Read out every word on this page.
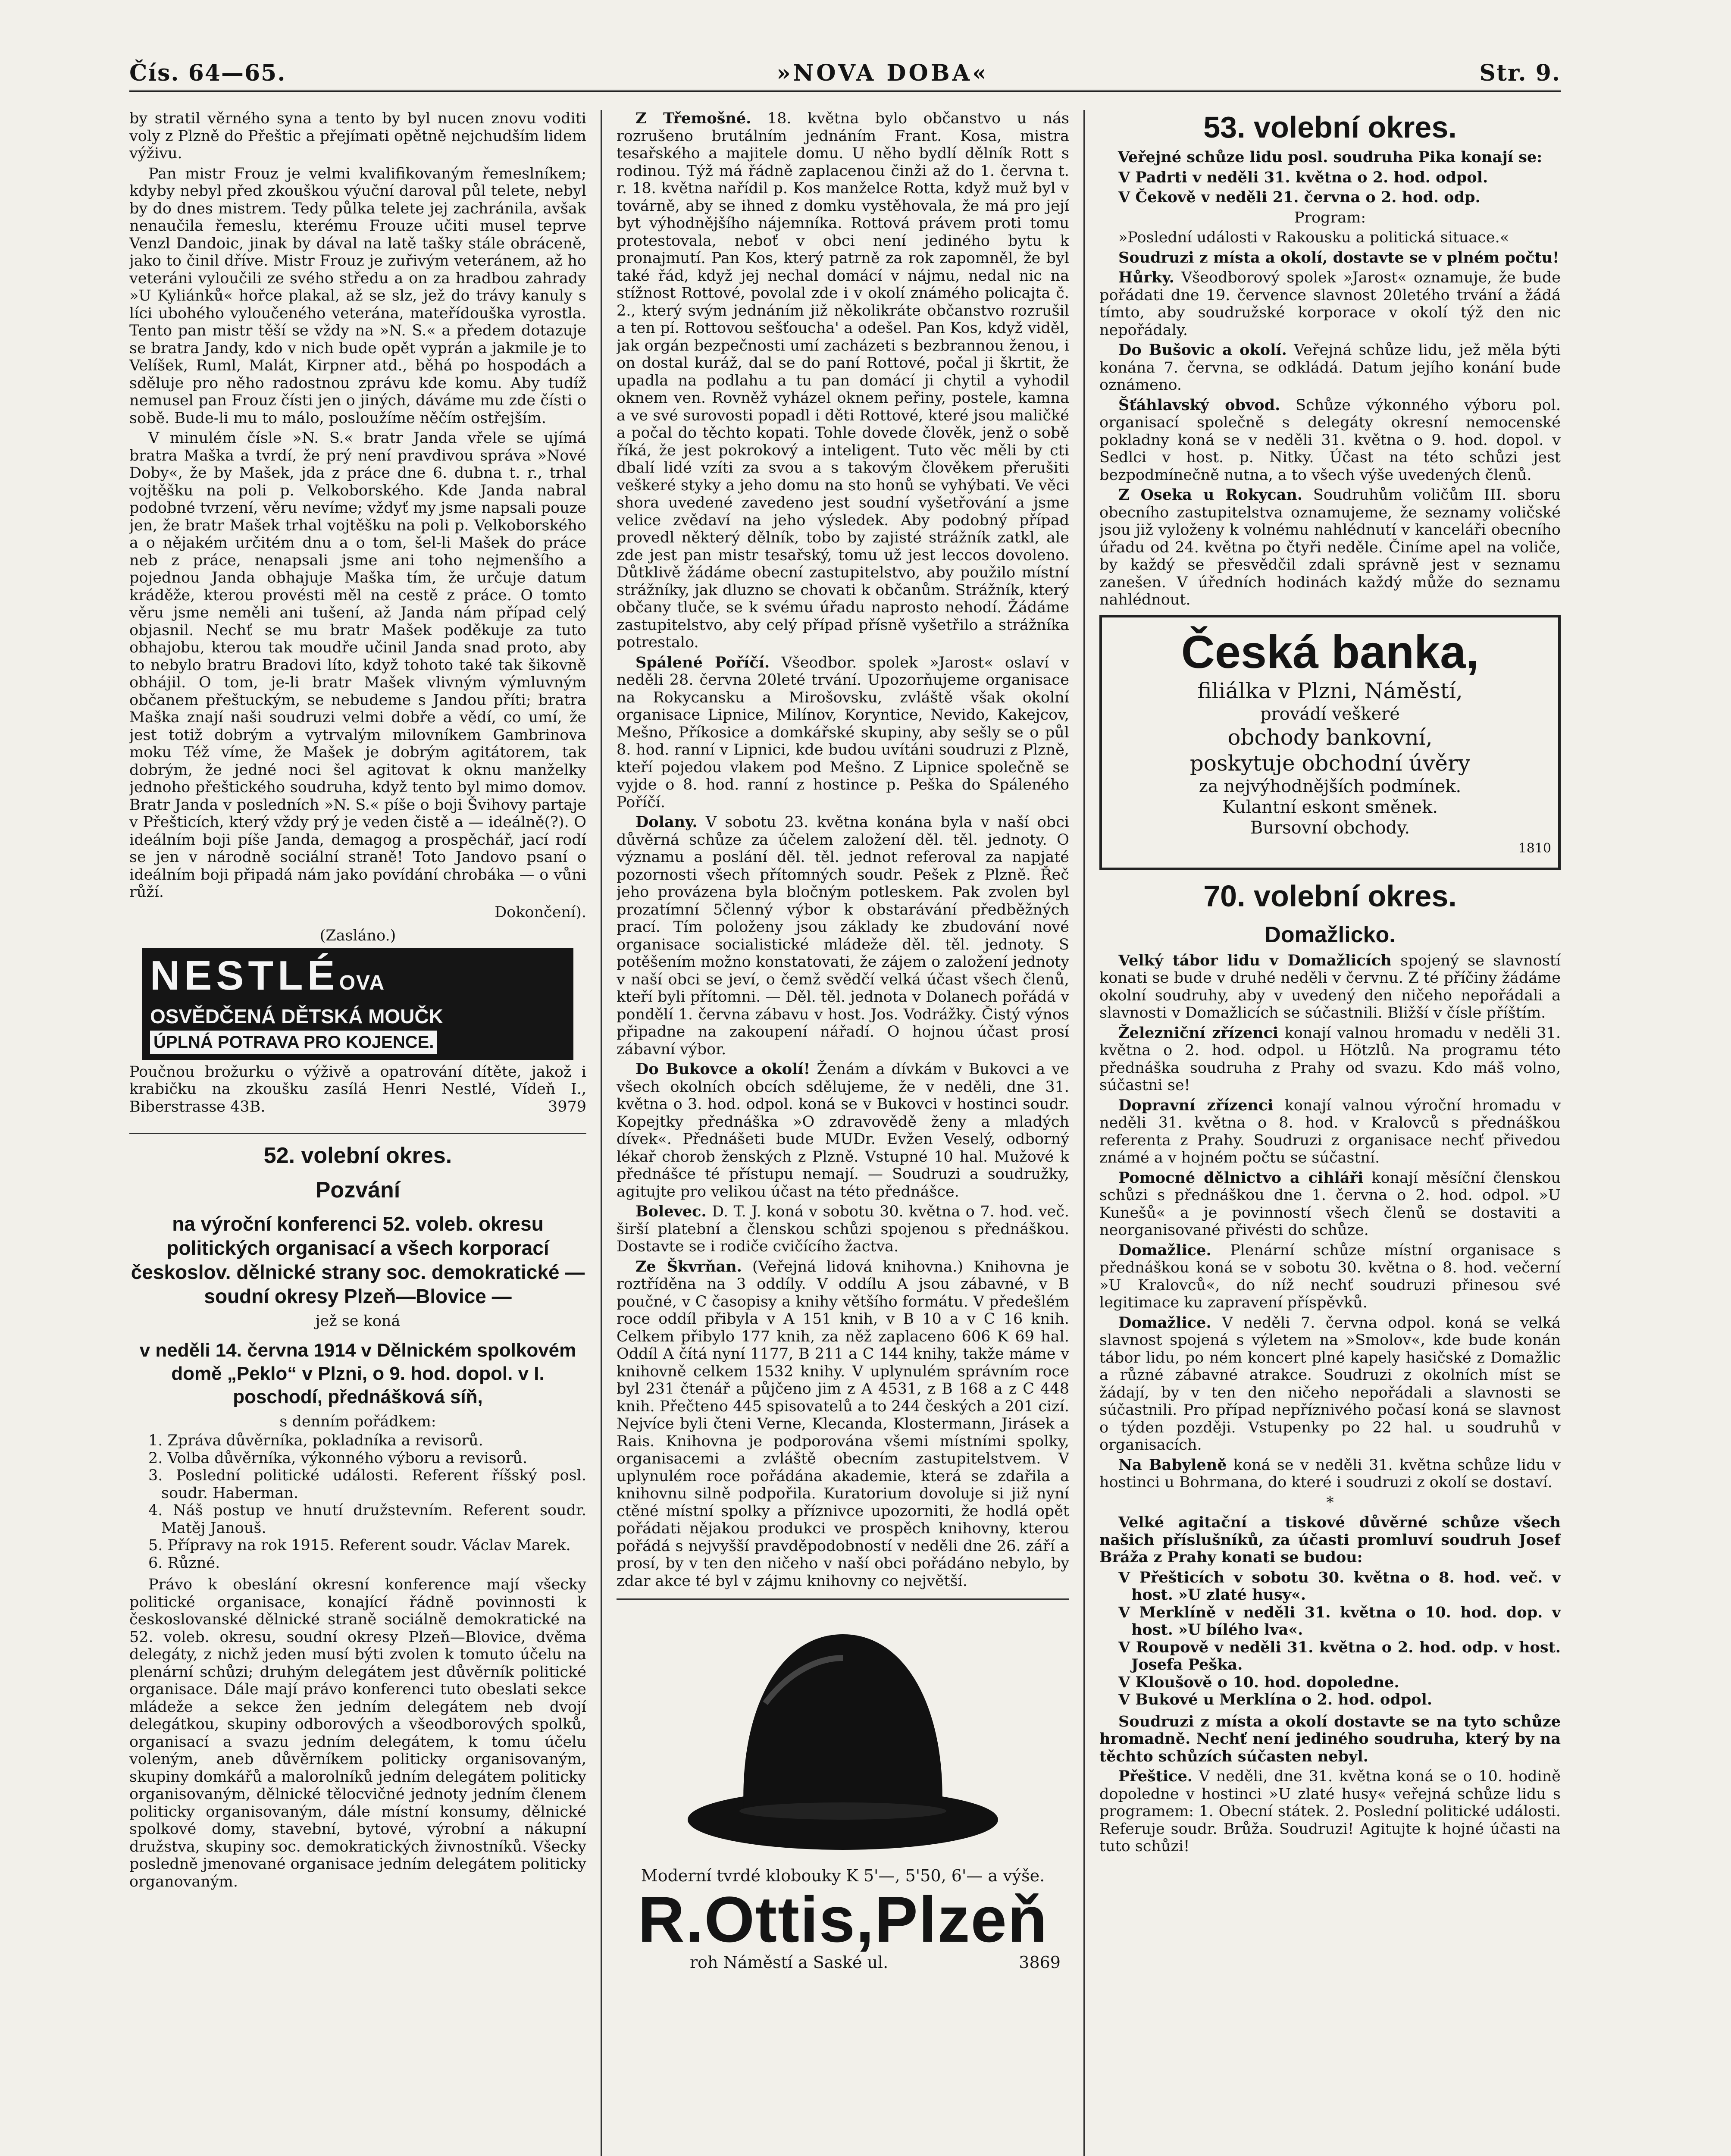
Čís. 64—65.	»NOVA DOBA«	Str. 9.

by stratil věrného syna a tento by byl nucen znovu voditi voly z Plzně do Přeštic a přejímati opětně nejchudším lidem výživu.

Pan mistr Frouz je velmi kvalifikovaným řemeslníkem; kdyby nebyl před zkouškou výuční daroval půl telete, nebyl by do dnes mistrem. Tedy půlka telete jej zachránila, avšak nenaučila řemeslu, kterému Frouze učiti musel teprve Venzl Dandoic, jinak by dával na latě tašky stále obráceně, jako to činil dříve. Mistr Frouz je zuřivým veteránem, až ho veteráni vyloučili ze svého středu a on za hradbou zahrady »U Kyliánků« hořce plakal, až se slz, jež do trávy kanuly s líci ubohého vyloučeného veterána, mateřídouška vyrostla. Tento pan mistr těší se vždy na »N. S.« a předem dotazuje se bratra Jandy, kdo v nich bude opět vyprán a jakmile je to Velíšek, Ruml, Malát, Kirpner atd., běhá po hospodách a sděluje pro něho radostnou zprávu kde komu. Aby tudíž nemusel pan Frouz čísti jen o jiných, dáváme mu zde čísti o sobě. Bude-li mu to málo, posloužíme něčím ostřejším.

V minulém čísle »N. S.« bratr Janda vřele se ujímá bratra Maška a tvrdí, že prý není pravdivou správa »Nové Doby«, že by Mašek, jda z práce dne 6. dubna t. r., trhal vojtěšku na poli p. Velkoborského. Kde Janda nabral podobné tvrzení, věru nevíme; vždyť my jsme napsali pouze jen, že bratr Mašek trhal vojtěšku na poli p. Velkoborského a o nějakém určitém dnu a o tom, šel-li Mašek do práce neb z práce, nenapsali jsme ani toho nejmenšího a pojednou Janda obhajuje Maška tím, že určuje datum kráděže, kterou provésti měl na cestě z práce. O tomto věru jsme neměli ani tušení, až Janda nám případ celý objasnil. Nechť se mu bratr Mašek poděkuje za tuto obhajobu, kterou tak moudře učinil Janda snad proto, aby to nebylo bratru Bradovi líto, když tohoto také tak šikovně obhájil. O tom, je-li bratr Mašek vlivným výmluvným občanem přeštuckým, se nebudeme s Jandou příti; bratra Maška znají naši soudruzi velmi dobře a vědí, co umí, že jest totiž dobrým a vytrvalým milovníkem Gambrinova moku Též víme, že Mašek je dobrým agitátorem, tak dobrým, že jedné noci šel agitovat k oknu manželky jednoho přeštického soudruha, když tento byl mimo domov. Bratr Janda v posledních »N. S.« píše o boji Švihovy partaje v Přešticích, který vždy prý je veden čistě a — ideálně(?). O ideálním boji píše Janda, demagog a prospěchář, jací rodí se jen v národně sociální straně! Toto Jandovo psaní o ideálním boji připadá nám jako povídání chrobáka — o vůni růží.

Dokončení).

(Zasláno.)
NESTLÉOVA
OSVĚDČENÁ DĚTSKÁ MOUČK
ÚPLNÁ POTRAVA PRO KOJENCE.

Poučnou brožurku o výživě a opatrování dítěte, jakož i krabičku na zkoušku zasílá Henri Nestlé, Vídeň I., Biberstrasse 43B.	3979

52. volební okres.
Pozvání
na výroční konferenci 52. voleb. okresu politických organisací a všech korporací českoslov. dělnické strany soc. demokratické — soudní okresy Plzeň—Blovice —
jež se koná
v neděli 14. června 1914 v Dělnickém spolkovém domě „Peklo“ v Plzni, o 9. hod. dopol. v I. poschodí, přednášková síň,
s denním pořádkem:
1. Zpráva důvěrníka, pokladníka a revisorů.
2. Volba důvěrníka, výkonného výboru a revisorů.
3. Poslední politické události. Referent říšský posl. soudr. Haberman.
4. Náš postup ve hnutí družstevním. Referent soudr. Matěj Janouš.
5. Přípravy na rok 1915. Referent soudr. Václav Marek.
6. Různé.

Právo k obeslání okresní konference mají všecky politické organisace, konající řádně povinnosti k českoslovanské dělnické straně sociálně demokratické na 52. voleb. okresu, soudní okresy Plzeň—Blovice, dvěma delegáty, z nichž jeden musí býti zvolen k tomuto účelu na plenární schůzi; druhým delegátem jest důvěrník politické organisace. Dále mají právo konferenci tuto obeslati sekce mládeže a sekce žen jedním delegátem neb dvojí delegátkou, skupiny odborových a všeodborových spolků, organisací a svazu jedním delegátem, k tomu účelu voleným, aneb důvěrníkem politicky organisovaným, skupiny domkářů a malorolníků jedním delegátem politicky organisovaným, dělnické tělocvičné jednoty jedním členem politicky organisovaným, dále místní konsumy, dělnické spolkové domy, stavební, bytové, výrobní a nákupní družstva, skupiny soc. demokratických živnostníků. Všecky posledně jmenované organisace jedním delegátem politicky organovaným.

Z Třemošné. 18. května bylo občanstvo u nás rozrušeno brutálním jednáním Frant. Kosa, mistra tesařského a majitele domu. U něho bydlí dělník Rott s rodinou. Týž má řádně zaplacenou činži až do 1. června t. r. 18. května nařídil p. Kos manželce Rotta, když muž byl v továrně, aby se ihned z domku vystěhovala, že má pro její byt výhodnějšího nájemníka. Rottová právem proti tomu protestovala, neboť v obci není jediného bytu k pronajmutí. Pan Kos, který patrně za rok zapomněl, že byl také řád, když jej nechal domácí v nájmu, nedal nic na stížnost Rottové, povolal zde i v okolí známého policajta č. 2., který svým jednáním již několikráte občanstvo rozrušil a ten pí. Rottovou sešťoucha' a odešel. Pan Kos, když viděl, jak orgán bezpečnosti umí zacházeti s bezbrannou ženou, i on dostal kuráž, dal se do paní Rottové, počal ji škrtit, že upadla na podlahu a tu pan domácí ji chytil a vyhodil oknem ven. Rovněž vyházel oknem peřiny, postele, kamna a ve své surovosti popadl i děti Rottové, které jsou maličké a počal do těchto kopati. Tohle dovede člověk, jenž o sobě říká, že jest pokrokový a inteligent. Tuto věc měli by cti dbalí lidé vzíti za svou a s takovým člověkem přerušiti veškeré styky a jeho domu na sto honů se vyhýbati. Ve věci shora uvedené zavedeno jest soudní vyšetřování a jsme velice zvědaví na jeho výsledek. Aby podobný případ provedl některý dělník, tobo by zajisté strážník zatkl, ale zde jest pan mistr tesařský, tomu už jest leccos dovoleno. Důtklivě žádáme obecní zastupitelstvo, aby použilo místní strážníky, jak dluzno se chovati k občanům. Strážník, který občany tluče, se k svému úřadu naprosto nehodí. Žádáme zastupitelstvo, aby celý případ přísně vyšetřilo a strážníka potrestalo.

Spálené Poříčí. Všeodbor. spolek »Jarost« oslaví v neděli 28. června 20leté trvání. Upozorňujeme organisace na Rokycansku a Mirošovsku, zvláště však okolní organisace Lipnice, Milínov, Koryntice, Nevido, Kakejcov, Mešno, Příkosice a domkářské skupiny, aby sešly se o půl 8. hod. ranní v Lipnici, kde budou uvítáni soudruzi z Plzně, kteří pojedou vlakem pod Mešno. Z Lipnice společně se vyjde o 8. hod. ranní z hostince p. Peška do Spáleného Poříčí.

Dolany. V sobotu 23. května konána byla v naší obci důvěrná schůze za účelem založení děl. těl. jednoty. O významu a poslání děl. těl. jednot referoval za napjaté pozornosti všech přítomných soudr. Pešek z Plzně. Řeč jeho provázena byla bločným potleskem. Pak zvolen byl prozatímní 5členný výbor k obstarávání předběžných prací. Tím položeny jsou základy ke zbudování nové organisace socialistické mládeže děl. těl. jednoty. S potěšením možno konstatovati, že zájem o založení jednoty v naší obci se jeví, o čemž svědčí velká účast všech členů, kteří byli přítomni. — Děl. těl. jednota v Dolanech pořádá v pondělí 1. června zábavu v host. Jos. Vodrážky. Čistý výnos připadne na zakoupení nářadí. O hojnou účast prosí zábavní výbor.

Do Bukovce a okolí! Ženám a dívkám v Bukovci a ve všech okolních obcích sdělujeme, že v neděli, dne 31. května o 3. hod. odpol. koná se v Bukovci v hostinci soudr. Kopejtky přednáška »O zdravovědě ženy a mladých dívek«. Přednášeti bude MUDr. Evžen Veselý, odborný lékař chorob ženských z Plzně. Vstupné 10 hal. Mužové k přednášce té přístupu nemají. — Soudruzi a soudružky, agitujte pro velikou účast na této přednášce.

Bolevec. D. T. J. koná v sobotu 30. května o 7. hod. več. širší platební a členskou schůzi spojenou s přednáškou. Dostavte se i rodiče cvičícího žactva.

Ze Škvrňan. (Veřejná lidová knihovna.) Knihovna je roztříděna na 3 oddíly. V oddílu A jsou zábavné, v B poučné, v C časopisy a knihy většího formátu. V předešlém roce oddíl přibyla v A 151 knih, v B 10 a v C 16 knih. Celkem přibylo 177 knih, za něž zaplaceno 606 K 69 hal. Oddíl A čítá nyní 1177, B 211 a C 144 knihy, takže máme v knihovně celkem 1532 knihy. V uplynulém správním roce byl 231 čtenář a půjčeno jim z A 4531, z B 168 a z C 448 knih. Přečteno 445 spisovatelů a to 244 českých a 201 cizí. Nejvíce byli čteni Verne, Klecanda, Klostermann, Jirásek a Rais. Knihovna je podporována všemi místními spolky, organisacemi a zvláště obecním zastupitelstvem. V uplynulém roce pořádána akademie, která se zdařila a knihovnu silně podpořila. Kuratorium dovoluje si již nyní ctěné místní spolky a příznivce upozorniti, že hodlá opět pořádati nějakou produkci ve prospěch knihovny, kterou pořádá s nejvyšší pravděpodobností v neděli dne 26. září a prosí, by v ten den ničeho v naší obci pořádáno nebylo, by zdar akce té byl v zájmu knihovny co největší.

Moderní tvrdé klobouky K 5'—, 5'50, 6'— a výše.
R.Ottis,Plzeň
roh Náměstí a Saské ul.	3869
53. volební okres.

Veřejné schůze lidu posl. soudruha Pika konají se:

V Padrti v neděli 31. května o 2. hod. odpol.

V Čekově v neděli 21. června o 2. hod. odp.

Program:

»Poslední události v Rakousku a politická situace.«

Soudruzi z místa a okolí, dostavte se v plném počtu!

Hůrky. Všeodborový spolek »Jarost« oznamuje, že bude pořádati dne 19. července slavnost 20letého trvání a žádá tímto, aby soudružské korporace v okolí týž den nic nepořádaly.

Do Bušovic a okolí. Veřejná schůze lidu, jež měla býti konána 7. června, se odkládá. Datum jejího konání bude oznámeno.

Šťáhlavský obvod. Schůze výkonného výboru pol. organisací společně s delegáty okresní nemocenské pokladny koná se v neděli 31. května o 9. hod. dopol. v Sedlci v host. p. Nitky. Účast na této schůzi jest bezpodmínečně nutna, a to všech výše uvedených členů.

Z Oseka u Rokycan. Soudruhům voličům III. sboru obecního zastupitelstva oznamujeme, že seznamy voličské jsou již vyloženy k volnému nahlédnutí v kanceláři obecního úřadu od 24. května po čtyři neděle. Činíme apel na voliče, by každý se přesvědčil zdali správně jest v seznamu zanešen. V úředních hodinách každý může do seznamu nahlédnout.

Česká banka,
filiálka v Plzni, Náměstí,
provádí veškeré
obchody bankovní,
poskytuje obchodní úvěry
za nejvýhodnějších podmínek.
Kulantní eskont směnek.
Bursovní obchody.
1810
70. volební okres.
Domažlicko.

Velký tábor lidu v Domažlicích spojený se slavností konati se bude v druhé neděli v červnu. Z té příčiny žádáme okolní soudruhy, aby v uvedený den ničeho nepořádali a slavnosti v Domažlicích se súčastnili. Bližší v čísle příštím.

Železniční zřízenci konají valnou hromadu v neděli 31. května o 2. hod. odpol. u Hötzlů. Na programu této přednáška soudruha z Prahy od svazu. Kdo máš volno, súčastni se!

Dopravní zřízenci konají valnou výroční hromadu v neděli 31. května o 8. hod. v Kralovců s přednáškou referenta z Prahy. Soudruzi z organisace nechť přivedou známé a v hojném počtu se súčastní.

Pomocné dělnictvo a cihláři konají měsíční členskou schůzi s přednáškou dne 1. června o 2. hod. odpol. »U Kunešů« a je povinností všech členů se dostaviti a neorganisované přivésti do schůze.

Domažlice. Plenární schůze místní organisace s přednáškou koná se v sobotu 30. května o 8. hod. večerní »U Kralovců«, do níž nechť soudruzi přinesou své legitimace ku zapravení příspěvků.

Domažlice. V neděli 7. června odpol. koná se velká slavnost spojená s výletem na »Smolov«, kde bude konán tábor lidu, po ném koncert plné kapely hasičské z Domažlic a různé zábavné atrakce. Soudruzi z okolních míst se žádají, by v ten den ničeho nepořádali a slavnosti se súčastnili. Pro případ nepříznivého počasí koná se slavnost o týden později. Vstupenky po 22 hal. u soudruhů v organisacích.

Na Babyleně koná se v neděli 31. května schůze lidu v hostinci u Bohrmana, do které i soudruzi z okolí se dostaví.

*

Velké agitační a tiskové důvěrné schůze všech našich příslušníků, za účasti promluví soudruh Josef Bráža z Prahy konati se budou:

V Přešticích v sobotu 30. května o 8. hod. več. v host. »U zlaté husy«.
V Merklíně v neděli 31. května o 10. hod. dop. v host. »U bílého lva«.
V Roupově v neděli 31. května o 2. hod. odp. v host. Josefa Peška.
V Kloušově o 10. hod. dopoledne.
V Bukové u Merklína o 2. hod. odpol.

Soudruzi z místa a okolí dostavte se na tyto schůze hromadně. Nechť není jediného soudruha, který by na těchto schůzích súčasten nebyl.

Přeštice. V neděli, dne 31. května koná se o 10. hodině dopoledne v hostinci »U zlaté husy« veřejná schůze lidu s programem: 1. Obecní státek. 2. Poslední politické události. Referuje soudr. Brůža. Soudruzi! Agitujte k hojné účasti na tuto schůzi!
